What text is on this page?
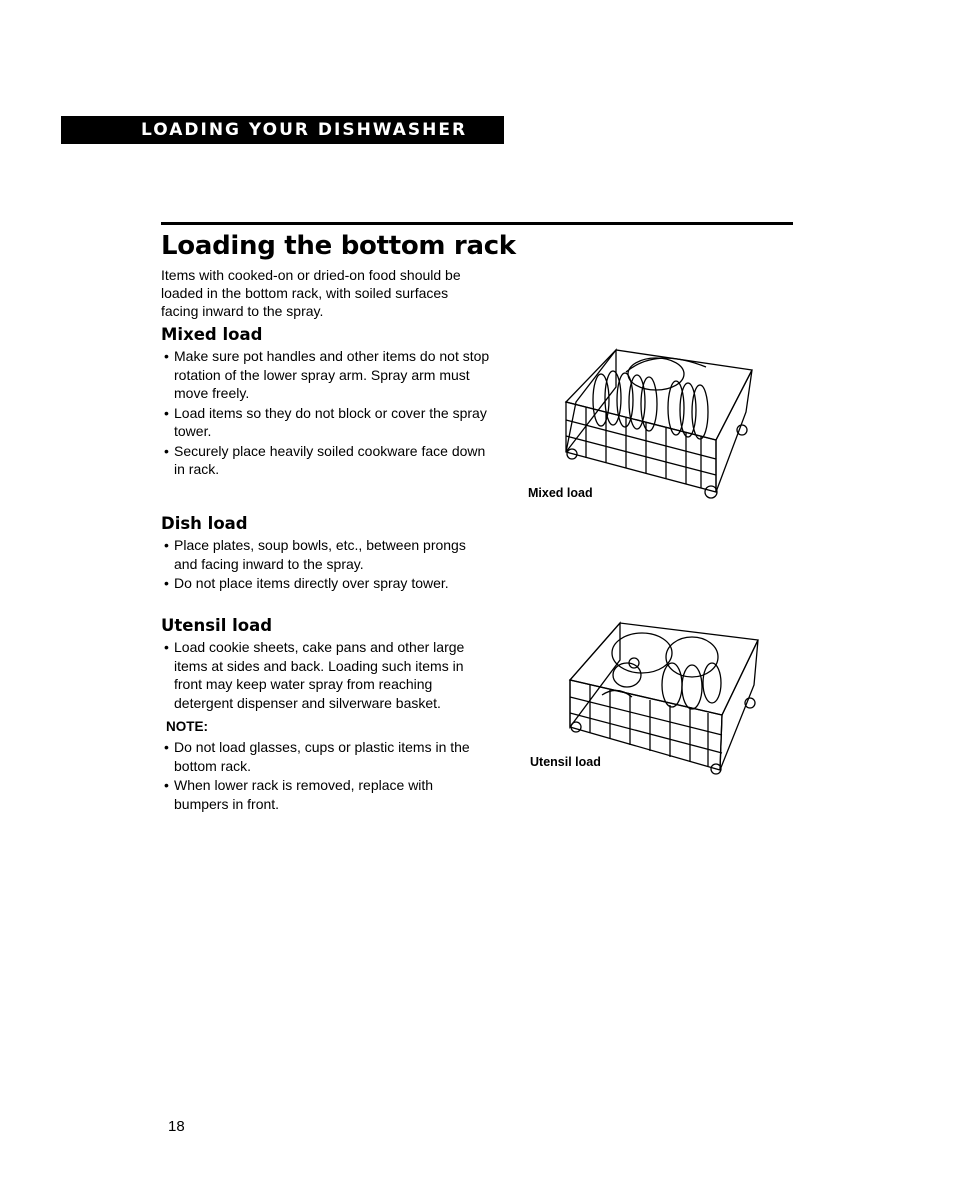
LOADING YOUR DISHWASHER
Loading the bottom rack

Items with cooked-on or dried-on food should be loaded in the bottom rack, with soiled surfaces facing inward to the spray.

Mixed load
• Make sure pot handles and other items do not stop rotation of the lower spray arm. Spray arm must move freely.
• Load items so they do not block or cover the spray tower.
• Securely place heavily soiled cookware face down in rack.
Dish load
• Place plates, soup bowls, etc., between prongs and facing inward to the spray.
• Do not place items directly over spray tower.
Utensil load
• Load cookie sheets, cake pans and other large items at sides and back. Loading such items in front may keep water spray from reaching detergent dispenser and silverware basket.
NOTE:
• Do not load glasses, cups or plastic items in the bottom rack.
• When lower rack is removed, replace with bumpers in front.
Mixed load
Utensil load
18
